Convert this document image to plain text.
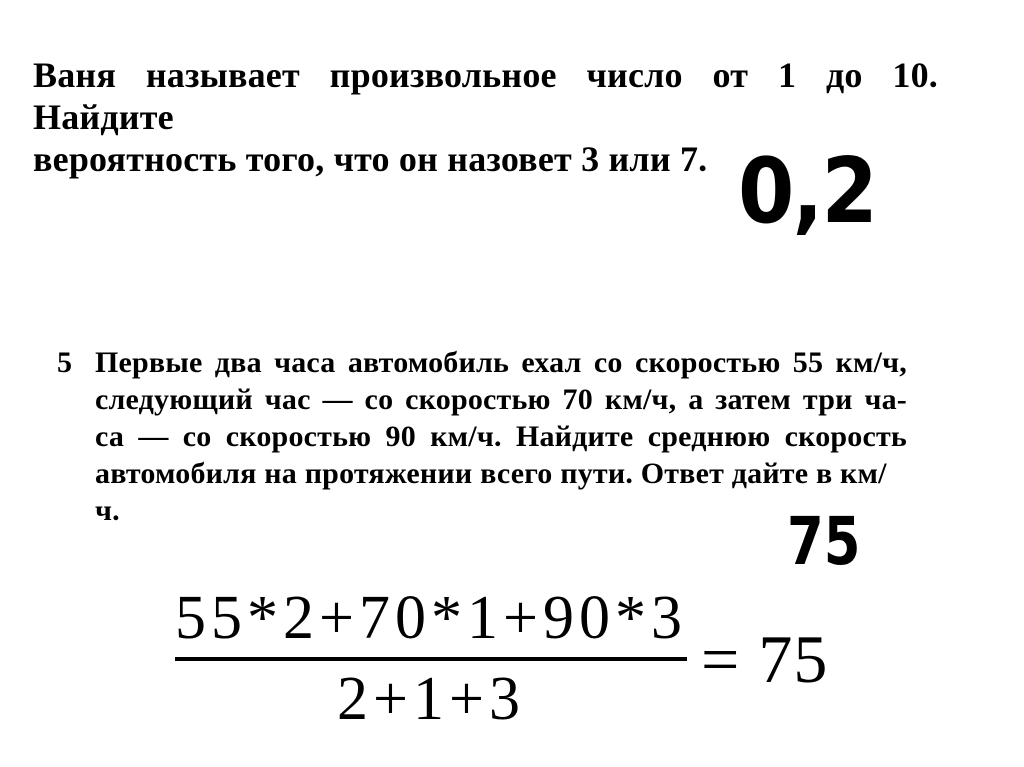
Ваня называет произвольное число от 1 до 10. Найдите
вероятность того, что он назовет 3 или 7. 0,2
5 Первые два часа автомобиль ехал со скоростью 55 км/ч,
следующий час — со скоростью 70 км/ч, а затем три ча-
са — со скоростью 90 км/ч. Найдите среднюю скорость
автомобиля на протяжении всего пути. Ответ дайте в км/ч.	75
$\frac{55*2+70*1+90*3}{2+1+3} = 75$
